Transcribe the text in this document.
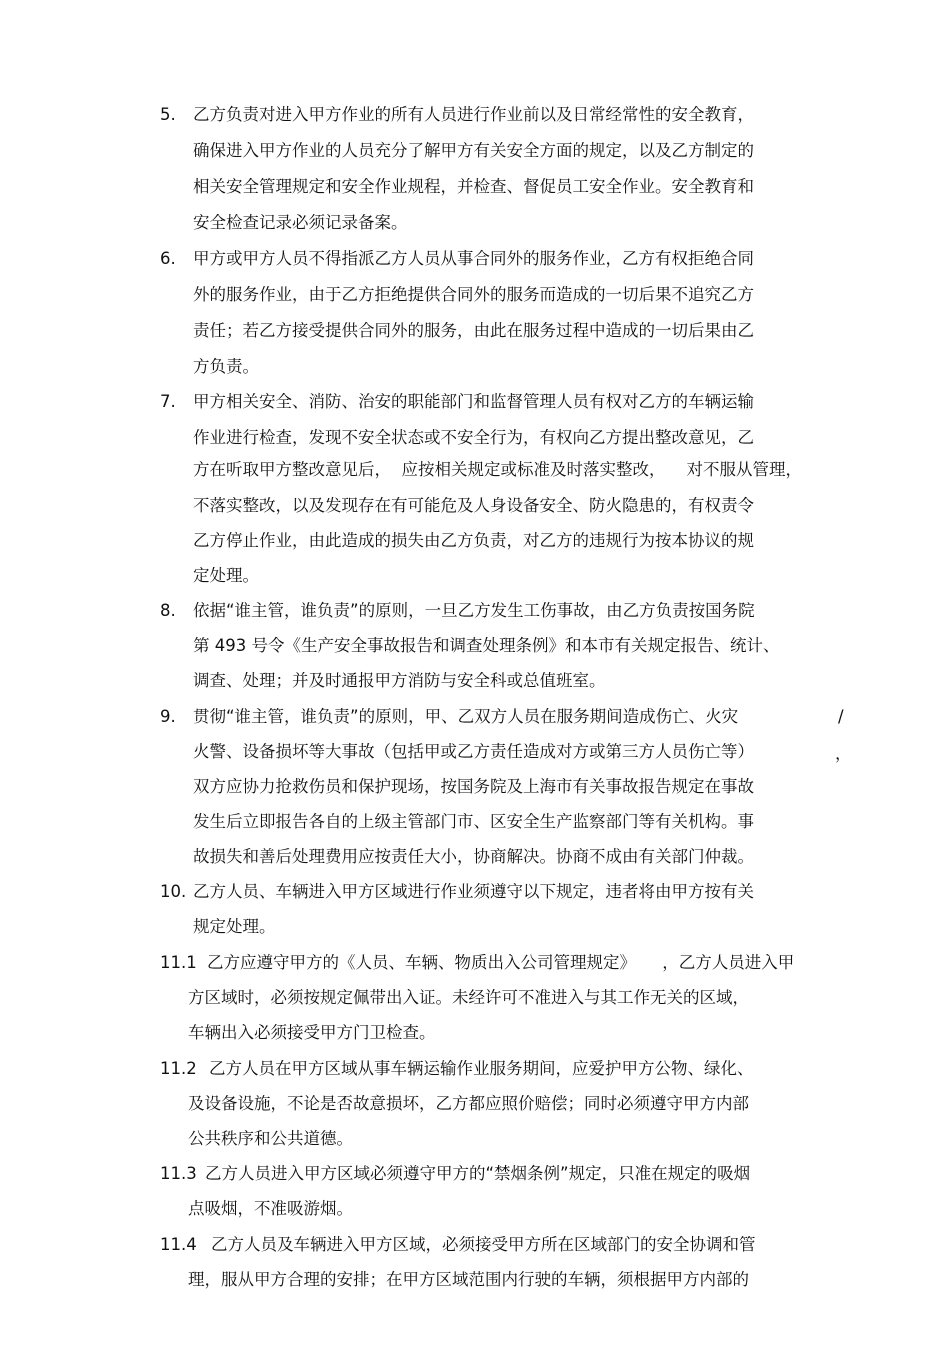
5. 乙方负责对进入甲方作业的所有人员进行作业前以及日常经常性的安全教育，
确保进入甲方作业的人员充分了解甲方有关安全方面的规定，以及乙方制定的
相关安全管理规定和安全作业规程，并检查、督促员工安全作业。安全教育和
安全检查记录必须记录备案。
6. 甲方或甲方人员不得指派乙方人员从事合同外的服务作业，乙方有权拒绝合同
外的服务作业，由于乙方拒绝提供合同外的服务而造成的一切后果不追究乙方
责任；若乙方接受提供合同外的服务，由此在服务过程中造成的一切后果由乙
方负责。
7. 甲方相关安全、消防、治安的职能部门和监督管理人员有权对乙方的车辆运输
作业进行检查，发现不安全状态或不安全行为，有权向乙方提出整改意见，乙
方在听取甲方整改意见后，  应按相关规定或标准及时落实整改，    对不服从管理，
不落实整改，以及发现存在有可能危及人身设备安全、防火隐患的，有权责令
乙方停止作业，由此造成的损失由乙方负责，对乙方的违规行为按本协议的规
定处理。
8. 依据“谁主管，谁负责”的原则，一旦乙方发生工伤事故，由乙方负责按国务院
第 493 号令《生产安全事故报告和调查处理条例》和本市有关规定报告、统计、
调查、处理；并及时通报甲方消防与安全科或总值班室。
9. 贯彻“谁主管，谁负责”的原则，甲、乙双方人员在服务期间造成伤亡、火灾	/
火警、设备损坏等大事故（包括甲或乙方责任造成对方或第三方人员伤亡等）	，
双方应协力抢救伤员和保护现场，按国务院及上海市有关事故报告规定在事故
发生后立即报告各自的上级主管部门市、区安全生产监察部门等有关机构。事
故损失和善后处理费用应按责任大小，协商解决。协商不成由有关部门仲裁。
10. 乙方人员、车辆进入甲方区域进行作业须遵守以下规定，违者将由甲方按有关
规定处理。
11.1 乙方应遵守甲方的《人员、车辆、物质出入公司管理规定》     ，乙方人员进入甲
方区域时，必须按规定佩带出入证。未经许可不准进入与其工作无关的区域，
车辆出入必须接受甲方门卫检查。
11.2 乙方人员在甲方区域从事车辆运输作业服务期间，应爱护甲方公物、绿化、
及设备设施，不论是否故意损坏，乙方都应照价赔偿；同时必须遵守甲方内部
公共秩序和公共道德。
11.3 乙方人员进入甲方区域必须遵守甲方的“禁烟条例”规定，只准在规定的吸烟
点吸烟，不准吸游烟。
11.4 乙方人员及车辆进入甲方区域，必须接受甲方所在区域部门的安全协调和管
理，服从甲方合理的安排；在甲方区域范围内行驶的车辆，须根据甲方内部的
